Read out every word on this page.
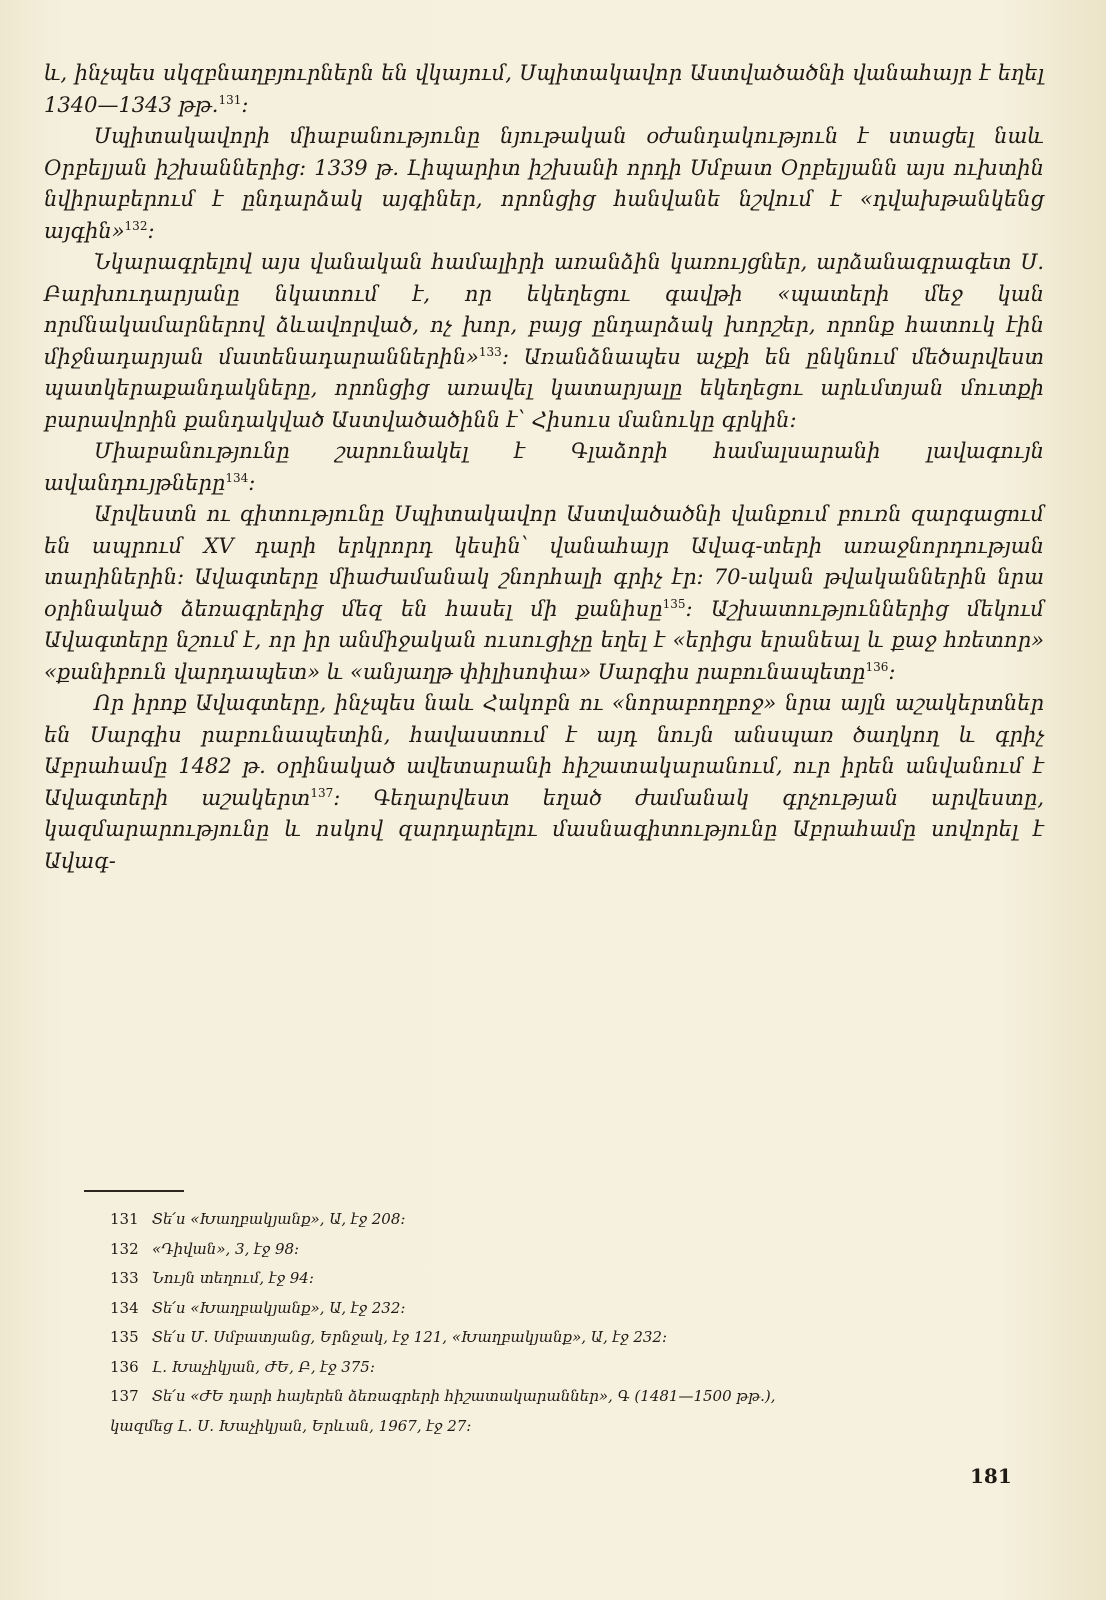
և, ինչպես սկզբնաղբյուրներն են վկայում, Սպիտակավոր Աստվածածնի վանահայր է եղել 1340—1343 թթ.$^{131}$։

Սպիտակավորի միաբանությունը նյութական օժանդակություն է ստացել նաև Օրբելյան իշխաններից։ 1339 թ. Լիպարիտ իշխանի որդի Սմբատ Օրբելյանն այս ուխտին նվիրաբերում է ընդարձակ այգիներ, որոնցից հանվանե նշվում է «դվախթանկենց այգին»$^{132}$։

Նկարագրելով այս վանական համալիրի առանձին կառույցներ, արձանագրագետ Ս. Բարխուդարյանը նկատում է, որ եկեղեցու գավթի «պատերի մեջ կան որմնակամարներով ձևավորված, ոչ խոր, բայց ընդարձակ խորշեր, որոնք հատուկ էին միջնադարյան մատենադարաններին»$^{133}$։ Առանձնապես աչքի են ընկնում մեծարվեստ պատկերաքանդակները, որոնցից առավել կատարյալը եկեղեցու արևմտյան մուտքի բարավորին քանդակված Աստվածածինն է՝ Հիսուս մանուկը գրկին։

Միաբանությունը շարունակել է Գլաձորի համալսարանի լավագույն ավանդույթները$^{134}$։

Արվեստն ու գիտությունը Սպիտակավոր Աստվածածնի վանքում բուռն զարգացում են ապրում XV դարի երկրորդ կեսին՝ վանահայր Ավագ-տերի առաջնորդության տարիներին։ Ավագտերը միաժամանակ շնորհալի գրիչ էր։ 70-ական թվականներին նրա օրինակած ձեռագրերից մեզ են հասել մի քանիսը$^{135}$։ Աշխատություններից մեկում Ավագտերը նշում է, որ իր անմիջական ուսուցիչը եղել է «երիցս երանեալ և քաջ հռետոր» «քանիբուն վարդապետ» և «անյաղթ փիլիսոփա» Սարգիս րաբունապետը$^{136}$։

Որ իրոք Ավագտերը, ինչպես նաև Հակոբն ու «նորաբողբոջ» նրա այլն աշակերտներ են Սարգիս րաբունապետին, հավաստում է այդ նույն անսպառ ծաղկող և գրիչ Աբրահամը 1482 թ. օրինակած ավետարանի հիշատակարանում, ուր իրեն անվանում է Ավագտերի աշակերտ$^{137}$։ Գեղարվեստ եղած ժամանակ գրչության արվեստը, կազմարարությունը և ոսկով զարդարելու մասնագիտությունը Աբրահամը սովորել է Ավագ-

131 Տե՛ս «Խաղբակյանք», Ա, էջ 208։
132 «Դիվան», 3, էջ 98։
133 Նույն տեղում, էջ 94։
134 Տե՛ս «Խաղբակյանք», Ա, էջ 232։
135 Տե՛ս Մ. Սմբատյանց, Երնջակ, էջ 121, «Խաղբակյանք», Ա, էջ 232։
136 Լ. Խաչիկյան, ԺԵ, Բ, էջ 375։
137 Տե՛ս «ԺԵ դարի հայերեն ձեռագրերի հիշատակարաններ», Գ (1481—1500 թթ.),
կազմեց Լ. Ս. Խաչիկյան, Երևան, 1967, էջ 27։
181
